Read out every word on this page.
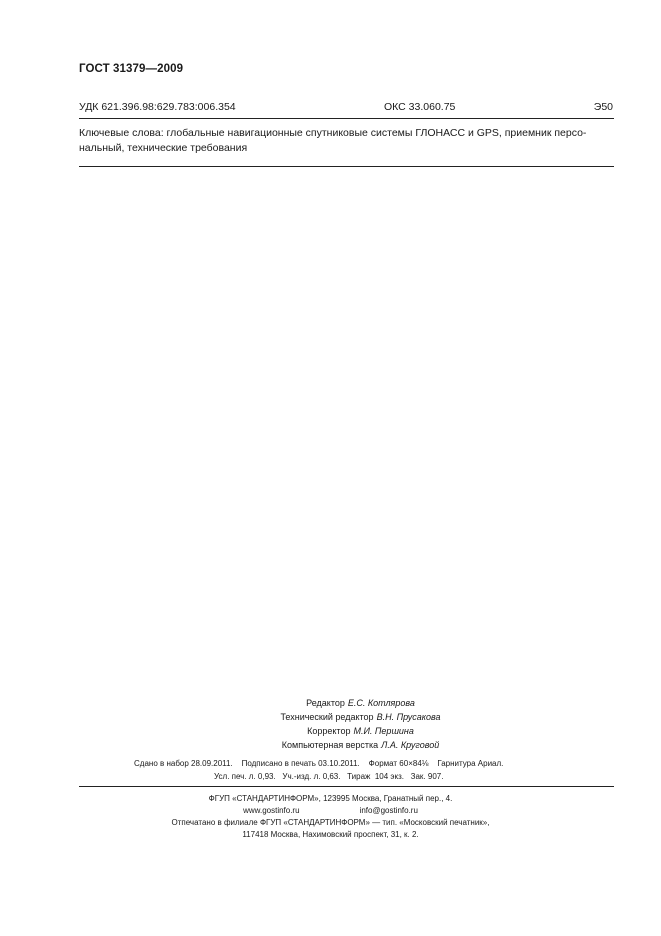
ГОСТ 31379—2009
УДК 621.396.98:629.783:006.354	ОКС 33.060.75	Э50
Ключевые слова: глобальные навигационные спутниковые системы ГЛОНАСС и GPS, приемник персо-нальный, технические требования
Редактор Е.С. Котлярова
Технический редактор В.Н. Прусакова
Корректор М.И. Першина
Компьютерная верстка Л.А. Круговой
Сдано в набор 28.09.2011.    Подписано в печать 03.10.2011.    Формат 60×84⅛    Гарнитура Ариал.
Усл. печ. л. 0,93.   Уч.-изд. л. 0,63.   Тираж  104 экз.   Зак. 907.
ФГУП «СТАНДАРТИНФОРМ», 123995 Москва, Гранатный пер., 4.
www.gostinfo.ru	info@gostinfo.ru
Отпечатано в филиале ФГУП «СТАНДАРТИНФОРМ» — тип. «Московский печатник»,
117418 Москва, Нахимовский проспект, 31, к. 2.
